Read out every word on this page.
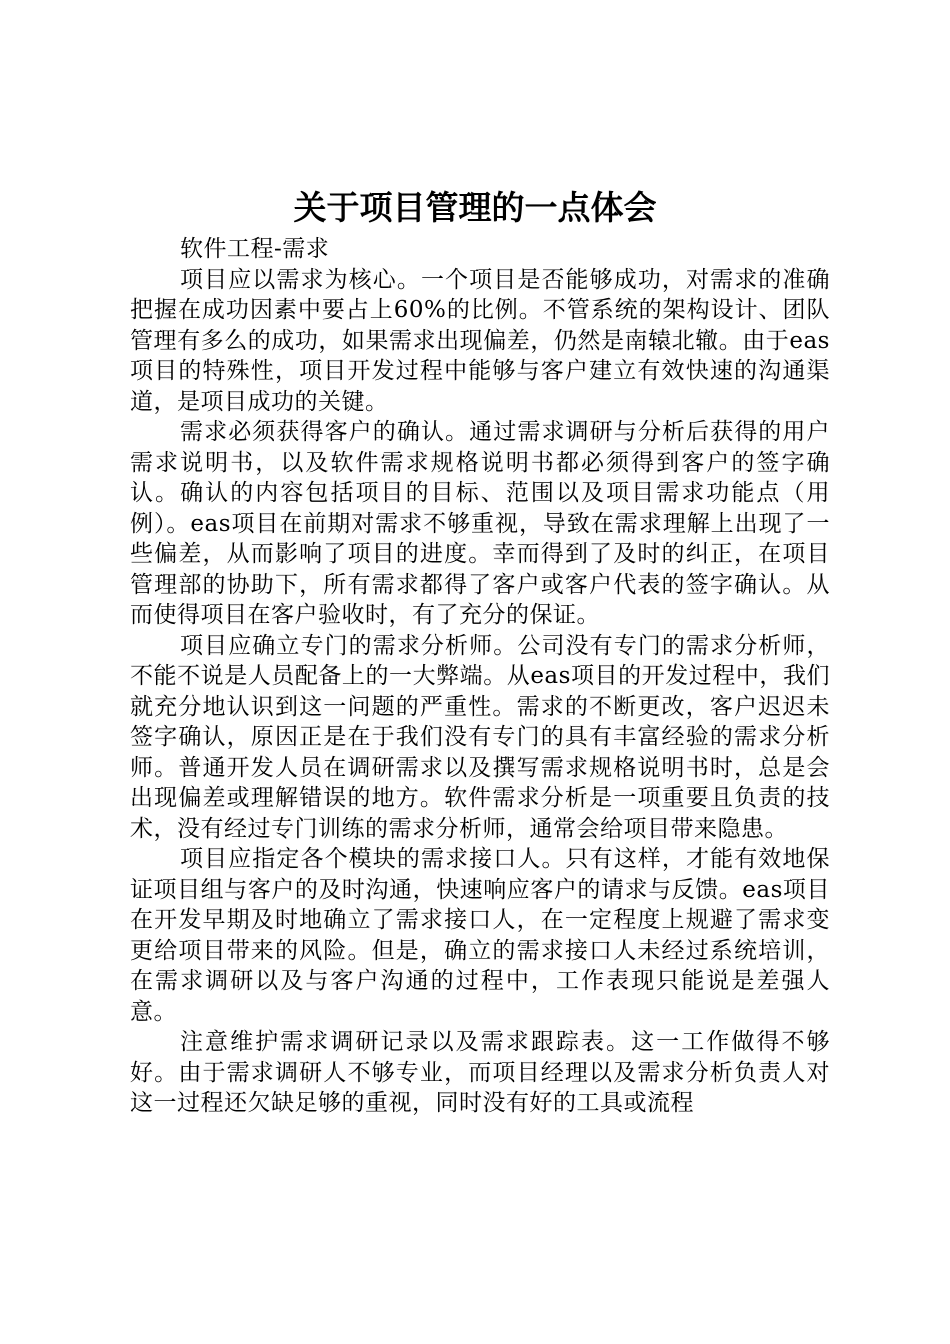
关于项目管理的一点体会

软件工程-需求

项目应以需求为核心。一个项目是否能够成功，对需求的准确把握在成功因素中要占上60%的比例。不管系统的架构设计、团队管理有多么的成功，如果需求出现偏差，仍然是南辕北辙。由于eas项目的特殊性，项目开发过程中能够与客户建立有效快速的沟通渠道，是项目成功的关键。

需求必须获得客户的确认。通过需求调研与分析后获得的用户需求说明书，以及软件需求规格说明书都必须得到客户的签字确认。确认的内容包括项目的目标、范围以及项目需求功能点（用例）。eas项目在前期对需求不够重视，导致在需求理解上出现了一些偏差，从而影响了项目的进度。幸而得到了及时的纠正，在项目管理部的协助下，所有需求都得了客户或客户代表的签字确认。从而使得项目在客户验收时，有了充分的保证。

项目应确立专门的需求分析师。公司没有专门的需求分析师，不能不说是人员配备上的一大弊端。从eas项目的开发过程中，我们就充分地认识到这一问题的严重性。需求的不断更改，客户迟迟未签字确认，原因正是在于我们没有专门的具有丰富经验的需求分析师。普通开发人员在调研需求以及撰写需求规格说明书时，总是会出现偏差或理解错误的地方。软件需求分析是一项重要且负责的技术，没有经过专门训练的需求分析师，通常会给项目带来隐患。

项目应指定各个模块的需求接口人。只有这样，才能有效地保证项目组与客户的及时沟通，快速响应客户的请求与反馈。eas项目在开发早期及时地确立了需求接口人，在一定程度上规避了需求变更给项目带来的风险。但是，确立的需求接口人未经过系统培训，在需求调研以及与客户沟通的过程中，工作表现只能说是差强人意。

注意维护需求调研记录以及需求跟踪表。这一工作做得不够好。由于需求调研人不够专业，而项目经理以及需求分析负责人对这一过程还欠缺足够的重视，同时没有好的工具或流程
